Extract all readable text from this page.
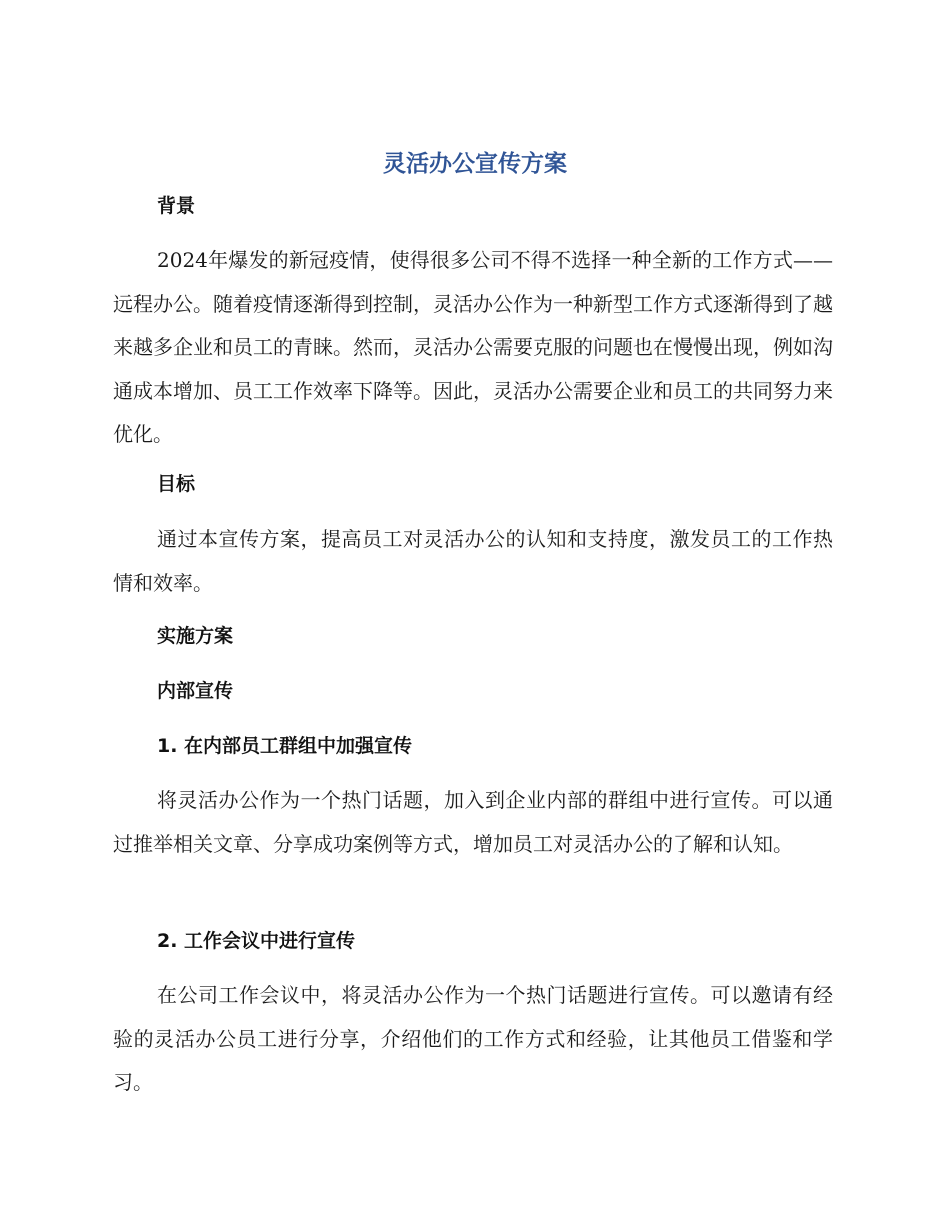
灵活办公宣传方案
背景

2024年爆发的新冠疫情，使得很多公司不得不选择一种全新的工作方式——远程办公。随着疫情逐渐得到控制，灵活办公作为一种新型工作方式逐渐得到了越来越多企业和员工的青睐。然而，灵活办公需要克服的问题也在慢慢出现，例如沟通成本增加、员工工作效率下降等。因此，灵活办公需要企业和员工的共同努力来优化。

目标

通过本宣传方案，提高员工对灵活办公的认知和支持度，激发员工的工作热情和效率。

实施方案
内部宣传
1. 在内部员工群组中加强宣传

将灵活办公作为一个热门话题，加入到企业内部的群组中进行宣传。可以通过推举相关文章、分享成功案例等方式，增加员工对灵活办公的了解和认知。

2. 工作会议中进行宣传

在公司工作会议中，将灵活办公作为一个热门话题进行宣传。可以邀请有经验的灵活办公员工进行分享，介绍他们的工作方式和经验，让其他员工借鉴和学习。
